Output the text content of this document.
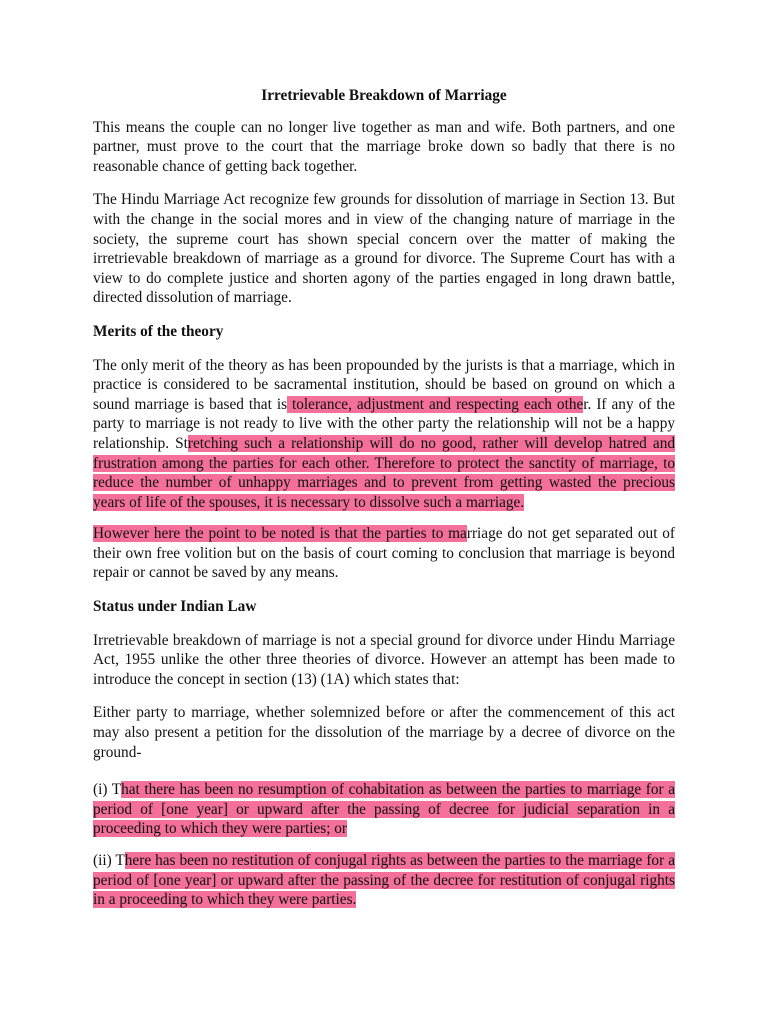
Irretrievable Breakdown of Marriage

This means the couple can no longer live together as man and wife. Both partners, and one partner, must prove to the court that the marriage broke down so badly that there is no reasonable chance of getting back together.

The Hindu Marriage Act recognize few grounds for dissolution of marriage in Section 13. But with the change in the social mores and in view of the changing nature of marriage in the society, the supreme court has shown special concern over the matter of making the irretrievable breakdown of marriage as a ground for divorce. The Supreme Court has with a view to do complete justice and shorten agony of the parties engaged in long drawn battle, directed dissolution of marriage.

Merits of the theory

The only merit of the theory as has been propounded by the jurists is that a marriage, which in practice is considered to be sacramental institution, should be based on ground on which a sound marriage is based that is tolerance, adjustment and respecting each other. If any of the party to marriage is not ready to live with the other party the relationship will not be a happy relationship. Stretching such a relationship will do no good, rather will develop hatred and frustration among the parties for each other. Therefore to protect the sanctity of marriage, to reduce the number of unhappy marriages and to prevent from getting wasted the precious years of life of the spouses, it is necessary to dissolve such a marriage.

However here the point to be noted is that the parties to marriage do not get separated out of their own free volition but on the basis of court coming to conclusion that marriage is beyond repair or cannot be saved by any means.

Status under Indian Law

Irretrievable breakdown of marriage is not a special ground for divorce under Hindu Marriage Act, 1955 unlike the other three theories of divorce. However an attempt has been made to introduce the concept in section (13) (1A) which states that:

Either party to marriage, whether solemnized before or after the commencement of this act may also present a petition for the dissolution of the marriage by a decree of divorce on the ground-

(i) That there has been no resumption of cohabitation as between the parties to marriage for a period of [one year] or upward after the passing of decree for judicial separation in a proceeding to which they were parties; or

(ii) There has been no restitution of conjugal rights as between the parties to the marriage for a period of [one year] or upward after the passing of the decree for restitution of conjugal rights in a proceeding to which they were parties.
